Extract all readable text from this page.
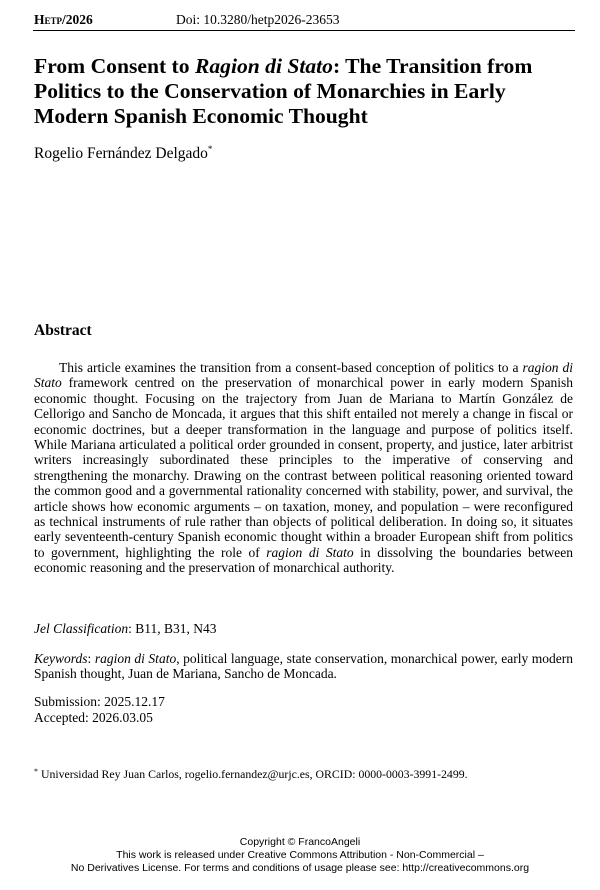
Hetp/2026	Doi: 10.3280/hetp2026-23653
From Consent to Ragion di Stato: The Transition from Politics to the Conservation of Monarchies in Early Modern Spanish Economic Thought
Rogelio Fernández Delgado*
Abstract

This article examines the transition from a consent-based conception of politics to a ragion di Stato framework centred on the preservation of monarchical power in early modern Spanish economic thought. Focusing on the trajectory from Juan de Mariana to Martín González de Cellorigo and Sancho de Moncada, it argues that this shift entailed not merely a change in fiscal or economic doctrines, but a deeper transformation in the language and purpose of politics itself. While Mariana articulated a political order grounded in consent, property, and justice, later arbitrist writers increasingly subordinated these principles to the imperative of conserving and strengthening the monarchy. Drawing on the contrast between political reasoning oriented toward the common good and a governmental rationality concerned with stability, power, and survival, the article shows how economic arguments – on taxation, money, and population – were reconfigured as technical instruments of rule rather than objects of political deliberation. In doing so, it situates early seventeenth-century Spanish economic thought within a broader European shift from politics to government, highlighting the role of ragion di Stato in dissolving the boundaries between economic reasoning and the preservation of monarchical authority.

Jel Classification: B11, B31, N43

Keywords: ragion di Stato, political language, state conservation, monarchical power, early modern Spanish thought, Juan de Mariana, Sancho de Moncada.

Submission: 2025.12.17
Accepted: 2026.03.05
* Universidad Rey Juan Carlos, rogelio.fernandez@urjc.es, ORCID: 0000-0003-3991-2499.
Copyright © FrancoAngeli
This work is released under Creative Commons Attribution - Non-Commercial –
No Derivatives License. For terms and conditions of usage please see: http://creativecommons.org
